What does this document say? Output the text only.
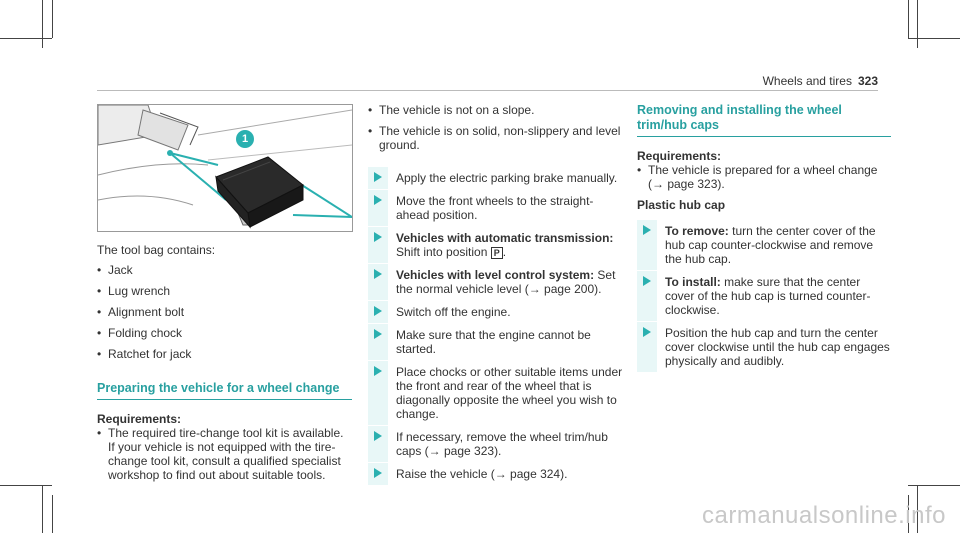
Wheels and tires 323
1

The tool bag contains:

• Jack
• Lug wrench
• Alignment bolt
• Folding chock
• Ratchet for jack

Preparing the vehicle for a wheel change

Requirements:

• The required tire-change tool kit is available. If your vehicle is not equipped with the tire-change tool kit, consult a qualified specialist workshop to find out about suitable tools.
• The vehicle is not on a slope.
• The vehicle is on solid, non-slippery and level ground.

Apply the electric parking brake manually.

Move the front wheels to the straight-ahead position.

Vehicles with automatic transmission:
Shift into position P .

Vehicles with level control system: Set the normal vehicle level (→ page 200).

Switch off the engine.

Make sure that the engine cannot be started.

Place chocks or other suitable items under the front and rear of the wheel that is diagonally opposite the wheel you wish to change.

If necessary, remove the wheel trim/hub caps (→ page 323).

Raise the vehicle (→ page 324).

Removing and installing the wheel trim/hub caps

Requirements:

• The vehicle is prepared for a wheel change (→ page 323).

Plastic hub cap

To remove: turn the center cover of the hub cap counter-clockwise and remove the hub cap.

To install: make sure that the center cover of the hub cap is turned counter-clockwise.

Position the hub cap and turn the center cover clockwise until the hub cap engages physically and audibly.

carmanualsonline.info
